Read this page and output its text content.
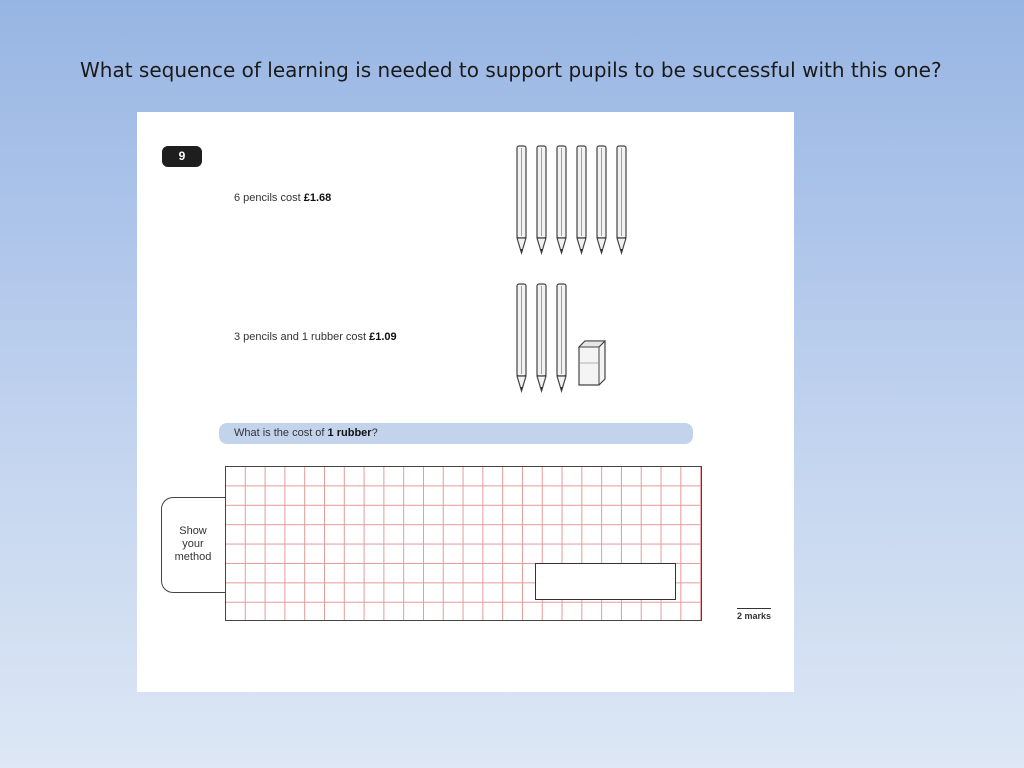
What sequence of learning is needed to support pupils to be successful with this one?
9
6 pencils cost £1.68
3 pencils and 1 rubber cost £1.09
What is the cost of 1 rubber?
Show
your
method
2 marks
